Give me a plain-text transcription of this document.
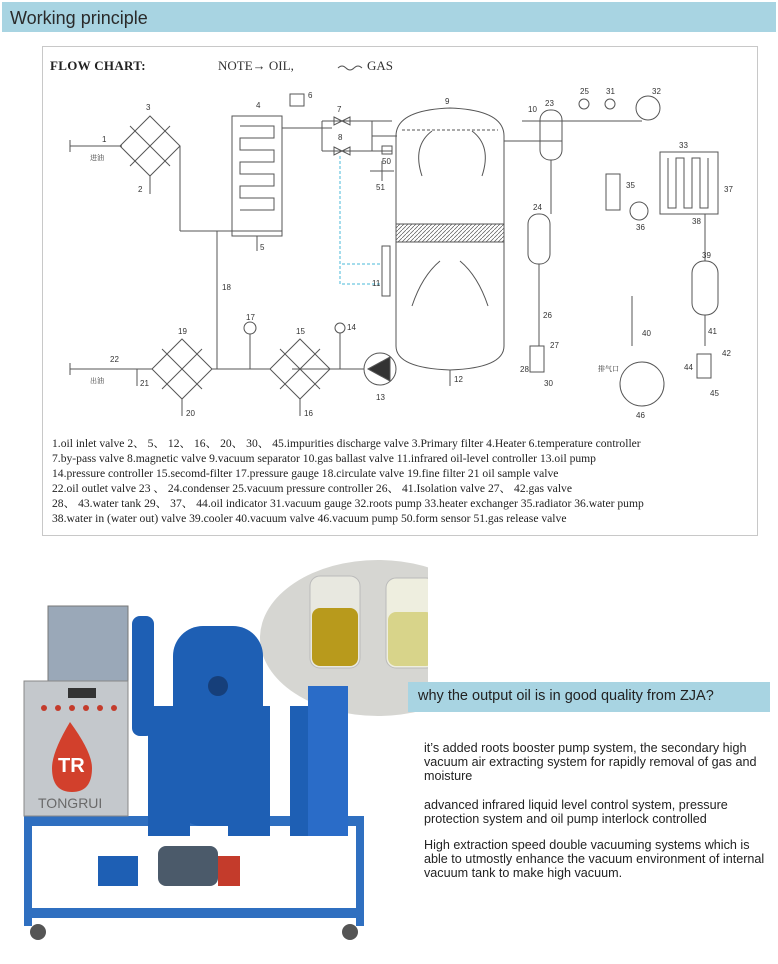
Working principle
FLOW CHART:	NOTE→ OIL,	GAS
1
3
2
4
5
6
7
8
9
10
11
12
13
14
15
16
17
18
19
20
21
22
23
24
25
26
27
28
30
31	32
33
35
36
37
38
39
40	41
42
44
45
46
50
51
进油
出油
排气口
1.oil inlet valve 2、 5、 12、 16、 20、 30、 45.impurities discharge valve 3.Primary filter 4.Heater 6.temperature controller
7.by-pass valve 8.magnetic valve 9.vacuum separator 10.gas ballast valve 11.infrared oil-level controller 13.oil pump
14.pressure controller 15.secomd-filter 17.pressure gauge 18.circulate valve 19.fine filter 21 oil sample valve
22.oil outlet valve 23 、 24.condenser 25.vacuum pressure controller 26、 41.Isolation valve 27、 42.gas valve
28、 43.water tank 29、 37、 44.oil indicator 31.vacuum gauge 32.roots pump 33.heater exchanger 35.radiator 36.water pump
38.water in (water out) valve 39.cooler 40.vacuum valve 46.vacuum pump 50.form sensor 51.gas release valve
TR
TONGRUI
why the output oil is in good quality from ZJA?
it’s added roots booster pump system, the secondary high vacuum air extracting system for rapidly removal of gas and moisture
advanced infrared liquid level control system, pressure protection system and oil pump interlock controlled
High extraction speed double vacuuming systems which is able to utmostly enhance the vacuum environment of internal vacuum tank to make high vacuum.
